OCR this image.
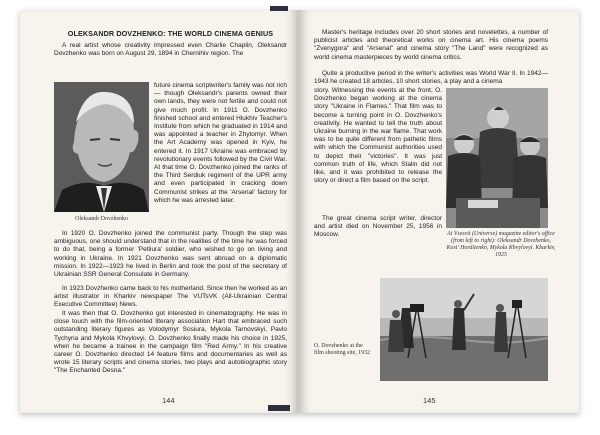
OLEKSANDR DOVZHENKO: THE WORLD CINEMA GENIUS

A real artist whose creativity impressed even Charlie Chaplin, Oleksandr Dovzhenko was born on August 29, 1894 in Chernihiv region. The

Oleksandr Dovzhenko

future cinema scriptwriter's family was not rich — though Oleksandr's parents owned their own lands, they were not fertile and could not give much profit. In 1911 O. Dovzhenko finished school and entered Hlukhiv Teacher's Institute from which he graduated in 1914 and was appointed a teacher in Zhytomyr. When the Art Academy was opened in Kyiv, he entered it. In 1917 Ukraine was embraced by revolutionary events followed by the Civil War. At that time O. Dovzhenko joined the ranks of the Third Serdiuk regiment of the UPR army and even participated in cracking down Communist strikes at the 'Arsenal' factory for which he was arrested later.

In 1920 O. Dovzhenko joined the communist party. Though the step was ambiguous, one should understand that in the realities of the time he was forced to do that, being a former 'Petliura' soldier, who wished to go on living and working in Ukraine. In 1921 Dovzhenko was sent abroad on a diplomatic mission. In 1922—1923 he lived in Berlin and took the post of the secretary of Ukrainian SSR General Consulate in Germany.

In 1923 Dovzhenko came back to his motherland. Since then he worked as an artist illustrator in Kharkiv newspaper The VUTsVK (All-Ukrainian Central Executive Committee) News.

It was then that O. Dovzhenko got interested in cinematography. He was in close touch with the film-oriented literary association Hart that embraced such outstanding literary figures as Volodymyr Sosiura, Mykola Tarnovskyi, Pavlo Tychyna and Mykola Khvylovyi. O. Dovzhenko finally made his choice in 1925, when he became a trainee in the campaign film "Red Army." In his creative career O. Dovzhenko directed 14 feature films and documentaries as well as wrote 15 literary scripts and cinema stories, two plays and autobiographic story "The Enchanted Desna."

144

Master's heritage includes over 20 short stories and novelettes, a number of publicist articles and theoretical works on cinema art. His cinema poems "Zvenygora" and "Arsenal" and cinema story "The Land" were recognized as world cinema masterpieces by world cinema critics.

Quite a productive period in the writer's activities was World War II. In 1942—1943 he created 18 articles, 10 short stories, a play and a cinema

story. Witnessing the events at the front, O. Dovzhenko began working at the cinema story "Ukraine in Flames." That film was to become a turning point in O. Dovzhenko's creativity. He wanted to tell the truth about Ukraine burning in the war flame. That work was to be quite different from pathetic films with which the Communist authorities used to depict their "victories". It was just common truth of life, which Stalin did not like, and it was prohibited to release the story or direct a film based on the script.

The great cinema script writer, director and artist died on November 25, 1956 in Moscow.	At Vsesvit (Universe) magazine editor's office (from left to right): Oleksandr Dovzhenko, Kost' Hordiienko, Mykola Khvylovyi. Kharkiv, 1925
O. Dovzhenko at the film shooting site, 1932
145
